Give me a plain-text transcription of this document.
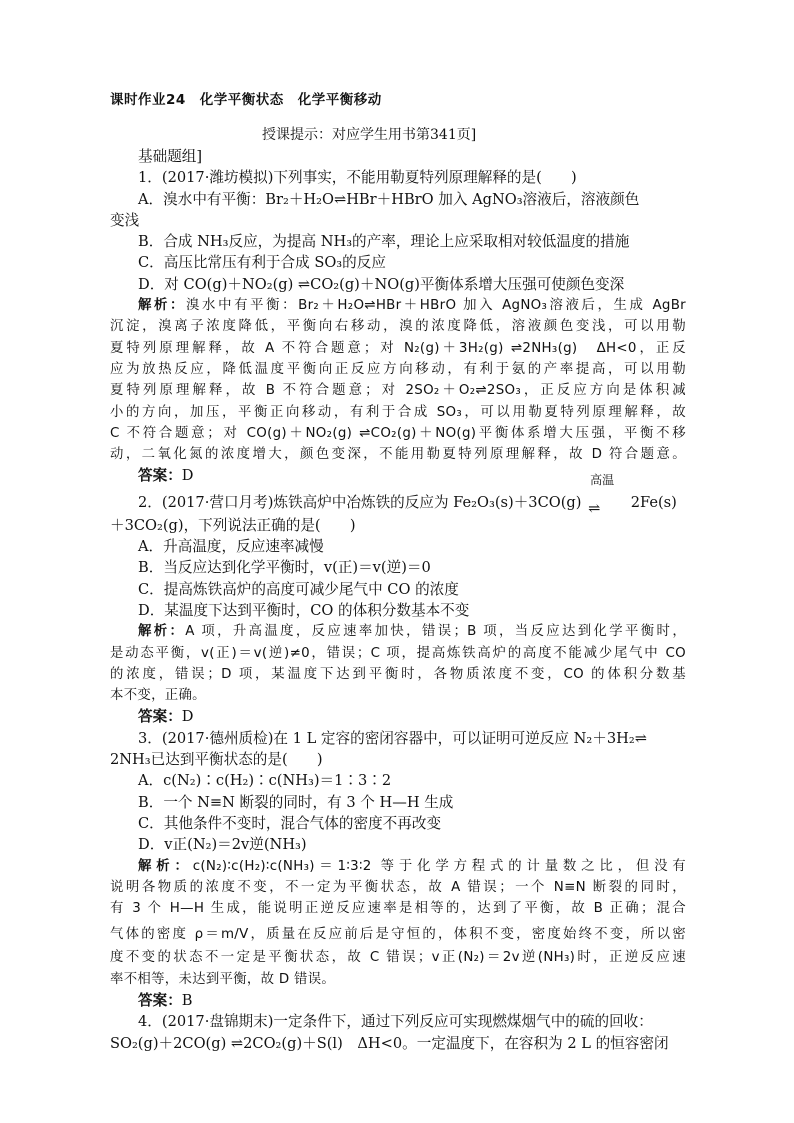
课时作业24　化学平衡状态　化学平衡移动
授课提示：对应学生用书第341页]
基础题组]
1．(2017·潍坊模拟)下列事实，不能用勒夏特列原理解释的是(　　)
A．溴水中有平衡：Br₂＋H₂O⇌HBr＋HBrO 加入 AgNO₃溶液后，溶液颜色
变浅
B．合成 NH₃反应，为提高 NH₃的产率，理论上应采取相对较低温度的措施
C．高压比常压有利于合成 SO₃的反应
D．对 CO(g)＋NO₂(g) ⇌CO₂(g)＋NO(g)平衡体系增大压强可使颜色变深
解析：溴水中有平衡：Br₂＋H₂O⇌HBr＋HBrO 加入 AgNO₃溶液后，生成 AgBr
沉淀，溴离子浓度降低，平衡向右移动，溴的浓度降低，溶液颜色变浅，可以用勒
夏特列原理解释，故 A 不符合题意；对 N₂(g)＋3H₂(g) ⇌2NH₃(g)　ΔH<0，正反
应为放热反应，降低温度平衡向正反应方向移动，有利于氨的产率提高，可以用勒
夏特列原理解释，故 B 不符合题意；对 2SO₂＋O₂⇌2SO₃，正反应方向是体积减
小的方向，加压，平衡正向移动，有利于合成 SO₃，可以用勒夏特列原理解释，故
C 不符合题意；对 CO(g)＋NO₂(g) ⇌CO₂(g)＋NO(g)平衡体系增大压强，平衡不移
动，二氧化氮的浓度增大，颜色变深，不能用勒夏特列原理解释，故 D 符合题意。
答案：D
2．(2017·营口月考)炼铁高炉中冶炼铁的反应为 Fe₂O₃(s)＋3CO(g)
高温
⇌	2Fe(s)
＋3CO₂(g)，下列说法正确的是(　　)
A．升高温度，反应速率减慢
B．当反应达到化学平衡时，v(正)＝v(逆)＝0
C．提高炼铁高炉的高度可减少尾气中 CO 的浓度
D．某温度下达到平衡时，CO 的体积分数基本不变
解析：A 项，升高温度，反应速率加快，错误；B 项，当反应达到化学平衡时，
是动态平衡，v(正)＝v(逆)≠0，错误；C 项，提高炼铁高炉的高度不能减少尾气中 CO
的浓度，错误；D 项，某温度下达到平衡时，各物质浓度不变，CO 的体积分数基
本不变，正确。
答案：D
3．(2017·德州质检)在 1 L 定容的密闭容器中，可以证明可逆反应 N₂＋3H₂⇌
2NH₃已达到平衡状态的是(　　)
A．c(N₂)∶c(H₂)∶c(NH₃)＝1∶3∶2
B．一个 N≡N 断裂的同时，有 3 个 H—H 生成
C．其他条件不变时，混合气体的密度不再改变
D．v正(N₂)＝2v逆(NH₃)
解析：c(N₂)∶c(H₂)∶c(NH₃)＝1∶3∶2 等于化学方程式的计量数之比，但没有
说明各物质的浓度不变，不一定为平衡状态，故 A 错误；一个 N≡N 断裂的同时，
有 3 个 H—H 生成，能说明正逆反应速率是相等的，达到了平衡，故 B 正确；混合
气体的密度 ρ＝m/V，质量在反应前后是守恒的，体积不变，密度始终不变，所以密
度不变的状态不一定是平衡状态，故 C 错误；v正(N₂)＝2v逆(NH₃)时，正逆反应速
率不相等，未达到平衡，故 D 错误。
答案：B
4．(2017·盘锦期末)一定条件下，通过下列反应可实现燃煤烟气中的硫的回收：
SO₂(g)＋2CO(g) ⇌2CO₂(g)＋S(l)　ΔH<0。一定温度下，在容积为 2 L 的恒容密闭
